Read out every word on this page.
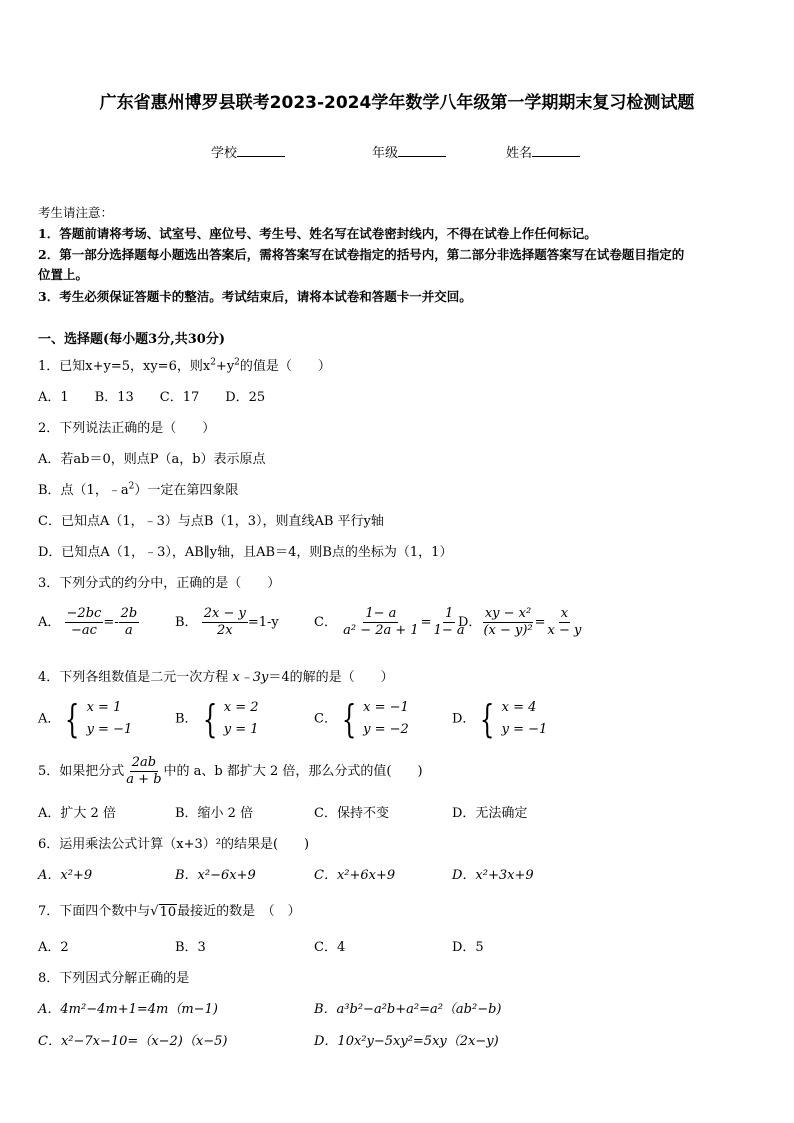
广东省惠州博罗县联考2023-2024学年数学八年级第一学期期末复习检测试题
学校	年级	姓名
考生请注意：
1．答题前请将考场、试室号、座位号、考生号、姓名写在试卷密封线内，不得在试卷上作任何标记。
2．第一部分选择题每小题选出答案后，需将答案写在试卷指定的括号内，第二部分非选择题答案写在试卷题目指定的
位置上。
3．考生必须保证答题卡的整洁。考试结束后，请将本试卷和答题卡一并交回。
一、选择题(每小题3分,共30分)
1．已知x+y=5，xy=6，则$x^2+y^2$的值是（　　）
A．1　　B．13　　C．17　　D．25
2．下列说法正确的是（　　）
A．若ab＝0，则点P（a，b）表示原点
B．点（1，$﹣a^2$）一定在第四象限
C．已知点A（1，﹣3）与点B（1，3），则直线AB 平行y轴
D．已知点A（1，﹣3），AB∥y轴，且AB＝4，则B点的坐标为（1，1）
3．下列分式的约分中，正确的是（　　）
A． $\frac{-2bc}{-ac} =- \frac{2b}{a}$	B． $\frac{2x - y}{2x} =1-y$	C． $\frac{1- a}{\text{a² − 2a + 1}} = \frac{1}{1- a}$
D． $\frac{\text{xy − x²}}{\text{(x − y)²}} = \frac{x}{x - y}$
4．下列各组数值是二元一次方程 x﹣3y＝4的解的是（　　）
A． { x = 1
y = −1
B． { x = 2
y = 1
C． { x = −1
y = −2
D． { x = 4
y = −1
5．如果把分式 $\frac{2ab}{a + b}$ 中的 a、b 都扩大 2 倍，那么分式的值(　　)
A．扩大 2 倍	B．缩小 2 倍	C．保持不变	D．无法确定
6．运用乘法公式计算（x+3）²的结果是(　　)
A．x²+9	B．x²−6x+9	C．x²+6x+9	D．x²+3x+9
7．下面四个数中与 √ 10 最接近的数是　（　）
A．2	B．3	C．4	D．5
8．下列因式分解正确的是
A．4m²−4m+1=4m（m−1)	B．a³b²−a²b+a²=a²（ab²−b)
C．x²−7x−10=（x−2)（x−5)	D．10x²y−5xy²=5xy（2x−y)
